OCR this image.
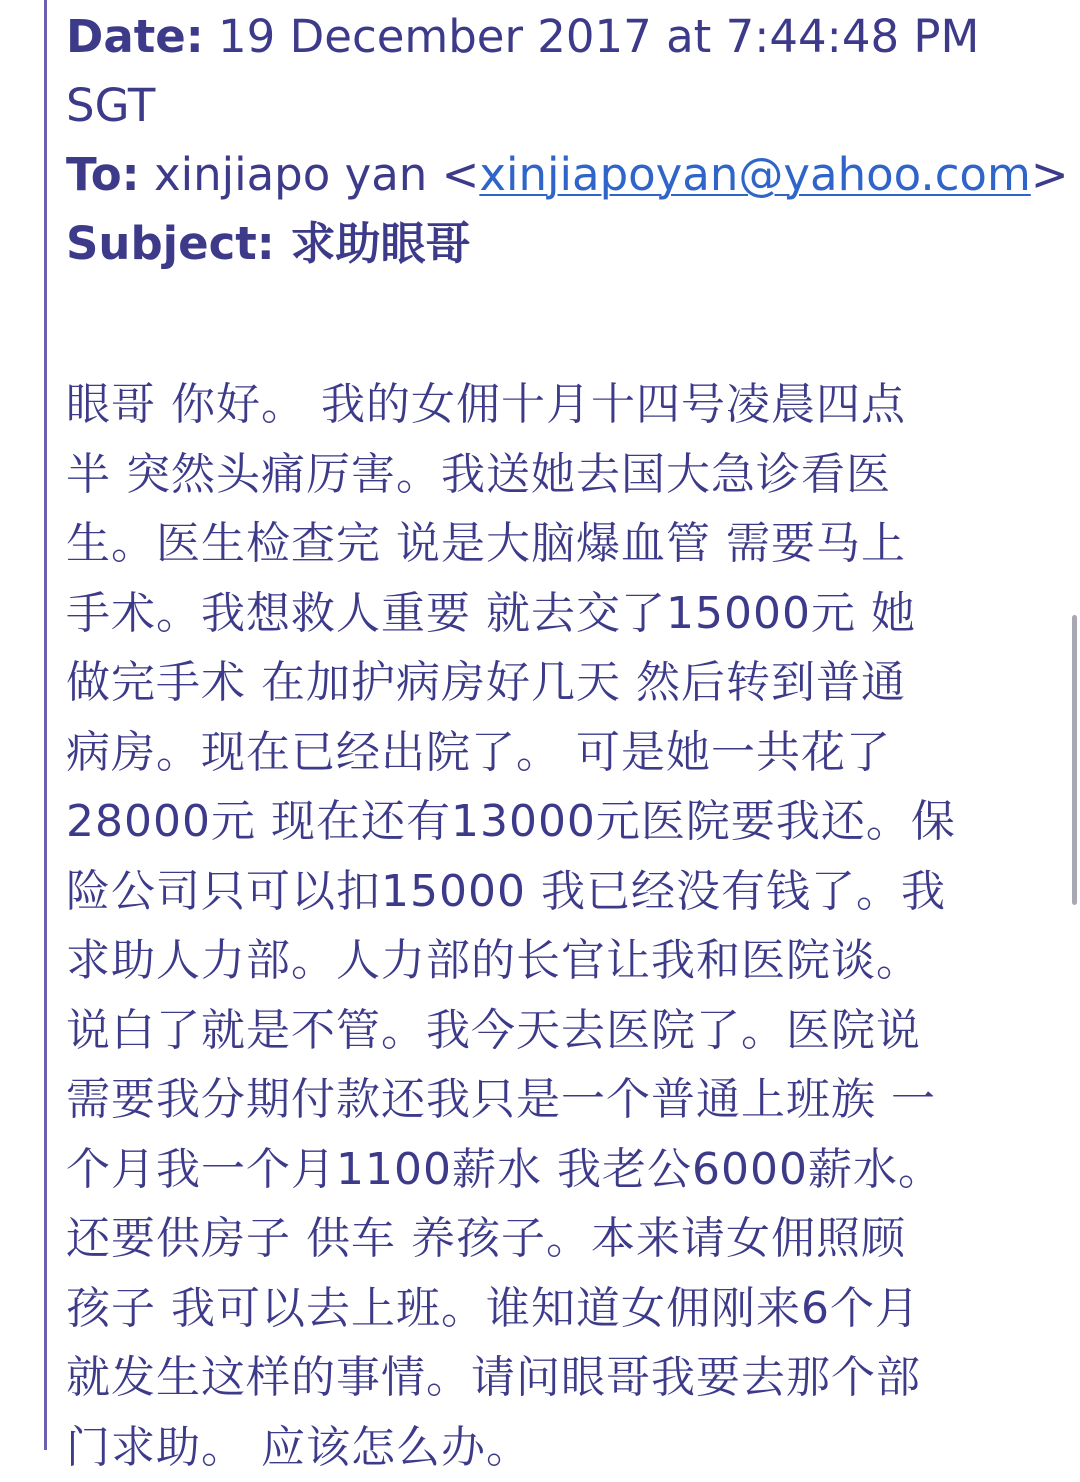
Date: 19 December 2017 at 7:44:48 PM
SGT
To: xinjiapo yan <xinjiapoyan@yahoo.com>
Subject: 求助眼哥
眼哥 你好。 我的女佣十月十四号凌晨四点
半 突然头痛厉害。我送她去国大急诊看医
生。医生检查完 说是大脑爆血管 需要马上
手术。我想救人重要 就去交了15000元 她
做完手术 在加护病房好几天 然后转到普通
病房。现在已经出院了。 可是她一共花了
28000元 现在还有13000元医院要我还。保
险公司只可以扣15000 我已经没有钱了。我
求助人力部。人力部的长官让我和医院谈。
说白了就是不管。我今天去医院了。医院说
需要我分期付款还我只是一个普通上班族 一
个月我一个月1100薪水 我老公6000薪水。
还要供房子 供车 养孩子。本来请女佣照顾
孩子 我可以去上班。谁知道女佣刚来6个月
就发生这样的事情。请问眼哥我要去那个部
门求助。 应该怎么办。
